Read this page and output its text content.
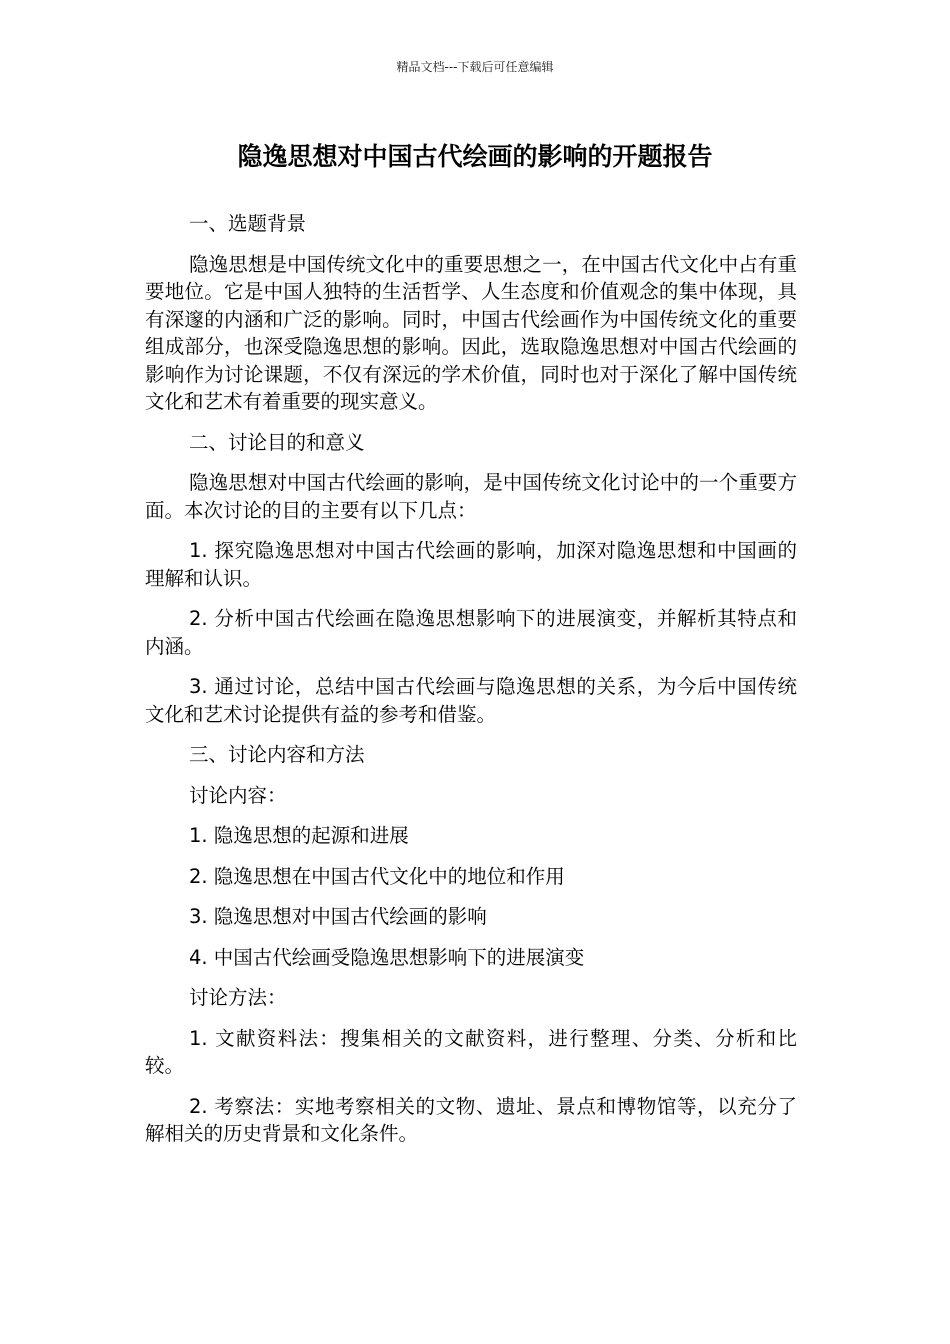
精品文档---下载后可任意编辑
隐逸思想对中国古代绘画的影响的开题报告

一、选题背景

隐逸思想是中国传统文化中的重要思想之一，在中国古代文化中占有重要地位。它是中国人独特的生活哲学、人生态度和价值观念的集中体现，具有深邃的内涵和广泛的影响。同时，中国古代绘画作为中国传统文化的重要组成部分，也深受隐逸思想的影响。因此，选取隐逸思想对中国古代绘画的影响作为讨论课题，不仅有深远的学术价值，同时也对于深化了解中国传统文化和艺术有着重要的现实意义。

二、讨论目的和意义

隐逸思想对中国古代绘画的影响，是中国传统文化讨论中的一个重要方面。本次讨论的目的主要有以下几点：

1. 探究隐逸思想对中国古代绘画的影响，加深对隐逸思想和中国画的理解和认识。

2. 分析中国古代绘画在隐逸思想影响下的进展演变，并解析其特点和内涵。

3. 通过讨论，总结中国古代绘画与隐逸思想的关系，为今后中国传统文化和艺术讨论提供有益的参考和借鉴。

三、讨论内容和方法

讨论内容：

1. 隐逸思想的起源和进展

2. 隐逸思想在中国古代文化中的地位和作用

3. 隐逸思想对中国古代绘画的影响

4. 中国古代绘画受隐逸思想影响下的进展演变

讨论方法：

1. 文献资料法：搜集相关的文献资料，进行整理、分类、分析和比较。

2. 考察法：实地考察相关的文物、遗址、景点和博物馆等，以充分了解相关的历史背景和文化条件。
